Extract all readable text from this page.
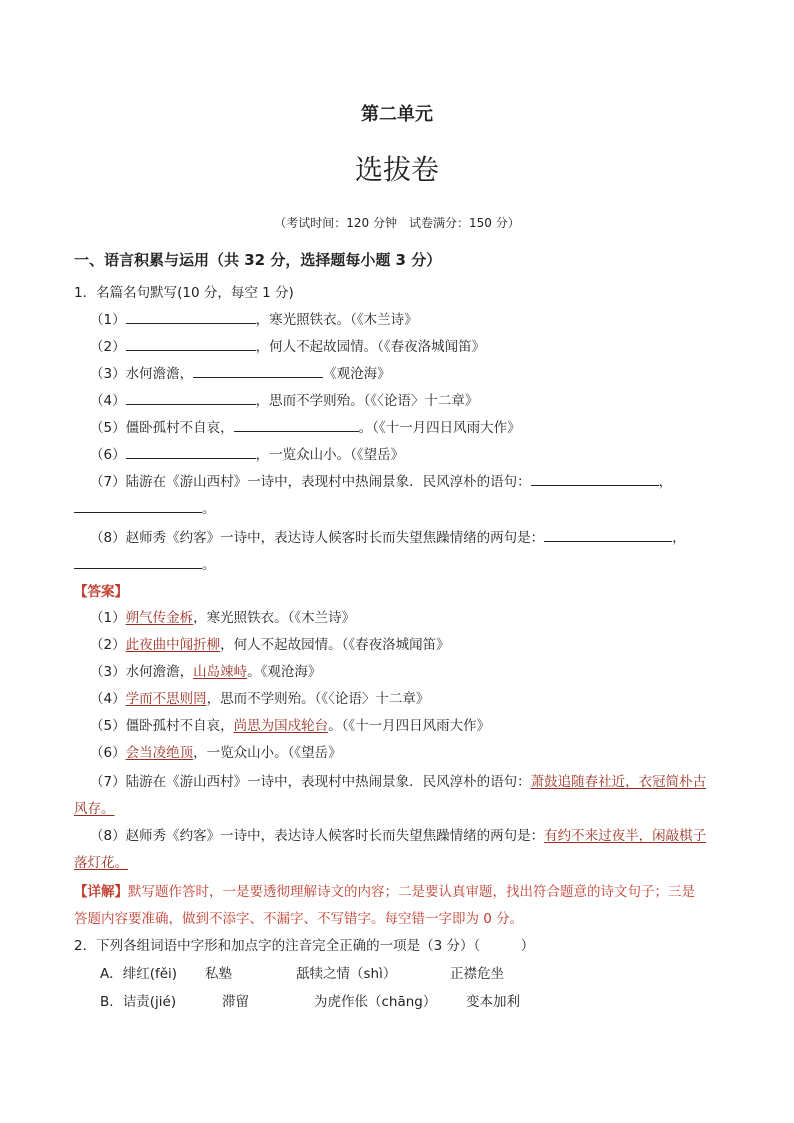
第二单元
选拔卷
（考试时间：120 分钟　试卷满分：150 分）
一、语言积累与运用（共 32 分，选择题每小题 3 分）
1．名篇名句默写(10 分，每空 1 分)
（1）	，寒光照铁衣。（《木兰诗》
（2）	，何人不起故园情。（《春夜洛城闻笛》
（3）水何澹澹，	《观沧海》
（4）	，思而不学则殆。（《〈论语〉十二章》
（5）僵卧孤村不自哀，	。（《十一月四日风雨大作》
（6）	，一览众山小。（《望岳》
（7）陆游在《游山西村》一诗中，表现村中热闹景象．民风淳朴的语句：	，
。
（8）赵师秀《约客》一诗中，表达诗人候客时长而失望焦躁情绪的两句是：	，
。
【答案】
（1）朔气传金柝，寒光照铁衣。（《木兰诗》
（2）此夜曲中闻折柳，何人不起故园情。（《春夜洛城闻笛》
（3）水何澹澹，山岛竦峙。《观沧海》
（4）学而不思则罔，思而不学则殆。（《〈论语〉十二章》
（5）僵卧孤村不自哀，尚思为国戍轮台。（《十一月四日风雨大作》
（6）会当凌绝顶，一览众山小。（《望岳》
（7）陆游在《游山西村》一诗中，表现村中热闹景象．民风淳朴的语句：萧鼓追随春社近，衣冠简朴古
风存。
（8）赵师秀《约客》一诗中，表达诗人候客时长而失望焦躁情绪的两句是：有约不来过夜半，闲敲棋子
落灯花。
【详解】默写题作答时，一是要透彻理解诗文的内容；二是要认真审题，找出符合题意的诗文句子；三是
答题内容要准确，做到不添字、不漏字、不写错字。每空错一字即为 0 分。
2．下列各组词语中字形和加点字的注音完全正确的一项是（3 分）（　　　）
A．绯红(fěi) 私塾	舐犊之情（shì）	正襟危坐
B．诘责(jié)	滞留	为虎作伥（chāng） 变本加利
